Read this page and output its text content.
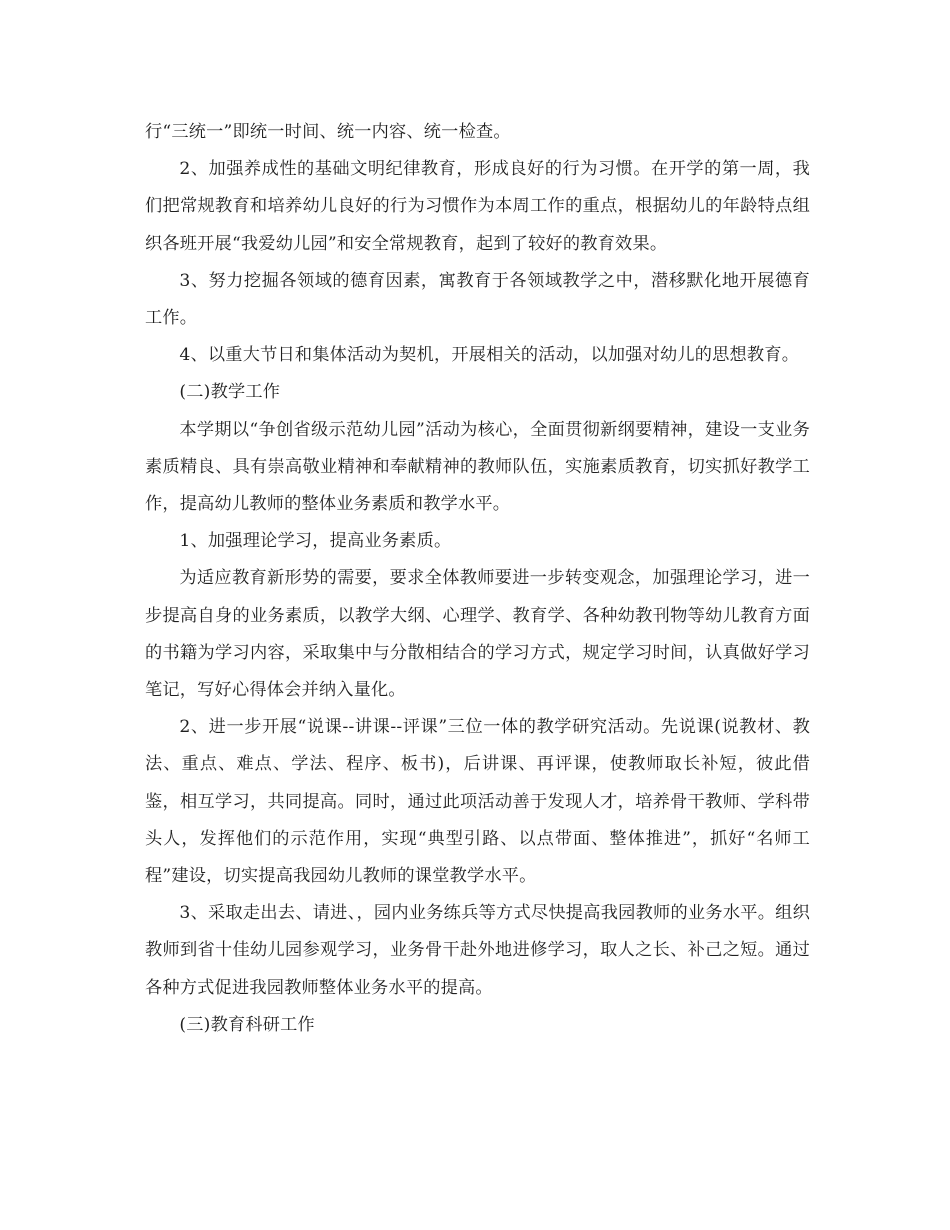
行“三统一”即统一时间、统一内容、统一检查。

2、加强养成性的基础文明纪律教育，形成良好的行为习惯。在开学的第一周，我们把常规教育和培养幼儿良好的行为习惯作为本周工作的重点，根据幼儿的年龄特点组织各班开展“我爱幼儿园”和安全常规教育，起到了较好的教育效果。

3、努力挖掘各领域的德育因素，寓教育于各领域教学之中，潜移默化地开展德育工作。

4、以重大节日和集体活动为契机，开展相关的活动，以加强对幼儿的思想教育。

(二)教学工作

本学期以“争创省级示范幼儿园”活动为核心，全面贯彻新纲要精神，建设一支业务素质精良、具有崇高敬业精神和奉献精神的教师队伍，实施素质教育，切实抓好教学工作，提高幼儿教师的整体业务素质和教学水平。

1、加强理论学习，提高业务素质。

为适应教育新形势的需要，要求全体教师要进一步转变观念，加强理论学习，进一步提高自身的业务素质，以教学大纲、心理学、教育学、各种幼教刊物等幼儿教育方面的书籍为学习内容，采取集中与分散相结合的学习方式，规定学习时间，认真做好学习笔记，写好心得体会并纳入量化。

2、进一步开展“说课--讲课--评课”三位一体的教学研究活动。先说课(说教材、教法、重点、难点、学法、程序、板书)，后讲课、再评课，使教师取长补短，彼此借鉴，相互学习，共同提高。同时，通过此项活动善于发现人才，培养骨干教师、学科带头人，发挥他们的示范作用，实现“典型引路、以点带面、整体推进”，抓好“名师工程”建设，切实提高我园幼儿教师的课堂教学水平。

3、采取走出去、请进、，园内业务练兵等方式尽快提高我园教师的业务水平。组织教师到省十佳幼儿园参观学习，业务骨干赴外地进修学习，取人之长、补己之短。通过各种方式促进我园教师整体业务水平的提高。

(三)教育科研工作
